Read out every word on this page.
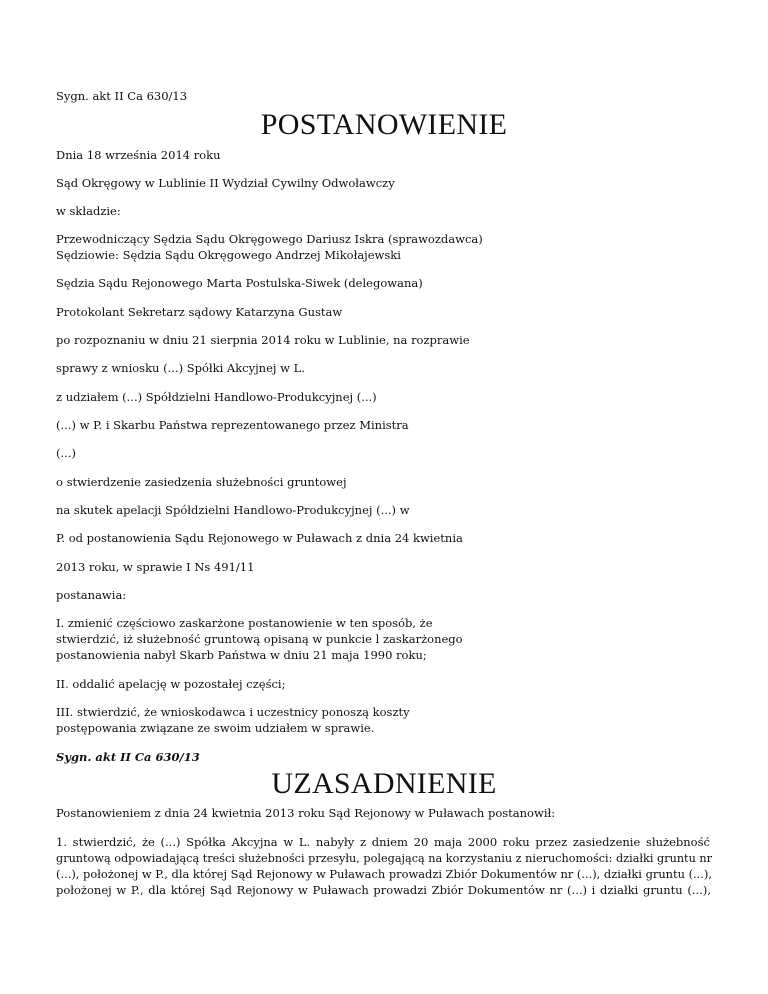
Sygn. akt II Ca 630/13
POSTANOWIENIE
Dnia 18 września 2014 roku
Sąd Okręgowy w Lublinie II Wydział Cywilny Odwoławczy
w składzie:
Przewodniczący Sędzia Sądu Okręgowego Dariusz Iskra (sprawozdawca)
Sędziowie: Sędzia Sądu Okręgowego Andrzej Mikołajewski
Sędzia Sądu Rejonowego Marta Postulska-Siwek (delegowana)
Protokolant Sekretarz sądowy Katarzyna Gustaw
po rozpoznaniu w dniu 21 sierpnia 2014 roku w Lublinie, na rozprawie
sprawy z wniosku (...) Spółki Akcyjnej w L.
z udziałem (...) Spółdzielni Handlowo-Produkcyjnej (...)
(...) w P. i Skarbu Państwa reprezentowanego przez Ministra
(...)
o stwierdzenie zasiedzenia służebności gruntowej
na skutek apelacji Spółdzielni Handlowo-Produkcyjnej (...) w
P. od postanowienia Sądu Rejonowego w Puławach z dnia 24 kwietnia
2013 roku, w sprawie I Ns 491/11
postanawia:
I. zmienić częściowo zaskarżone postanowienie w ten sposób, że
stwierdzić, iż służebność gruntową opisaną w punkcie l zaskarżonego
postanowienia nabył Skarb Państwa w dniu 21 maja 1990 roku;
II. oddalić apelację w pozostałej części;
III. stwierdzić, że wnioskodawca i uczestnicy ponoszą koszty
postępowania związane ze swoim udziałem w sprawie.
Sygn. akt II Ca 630/13
UZASADNIENIE
Postanowieniem z dnia 24 kwietnia 2013 roku Sąd Rejonowy w Puławach postanowił:
1. stwierdzić, że (...) Spółka Akcyjna w L. nabyły z dniem 20 maja 2000 roku przez zasiedzenie służebność
gruntową odpowiadającą treści służebności przesyłu, polegającą na korzystaniu z nieruchomości: działki gruntu nr
(...), położonej w P., dla której Sąd Rejonowy w Puławach prowadzi Zbiór Dokumentów nr (...), działki gruntu (...),
położonej w P., dla której Sąd Rejonowy w Puławach prowadzi Zbiór Dokumentów nr (...) i działki gruntu (...),
